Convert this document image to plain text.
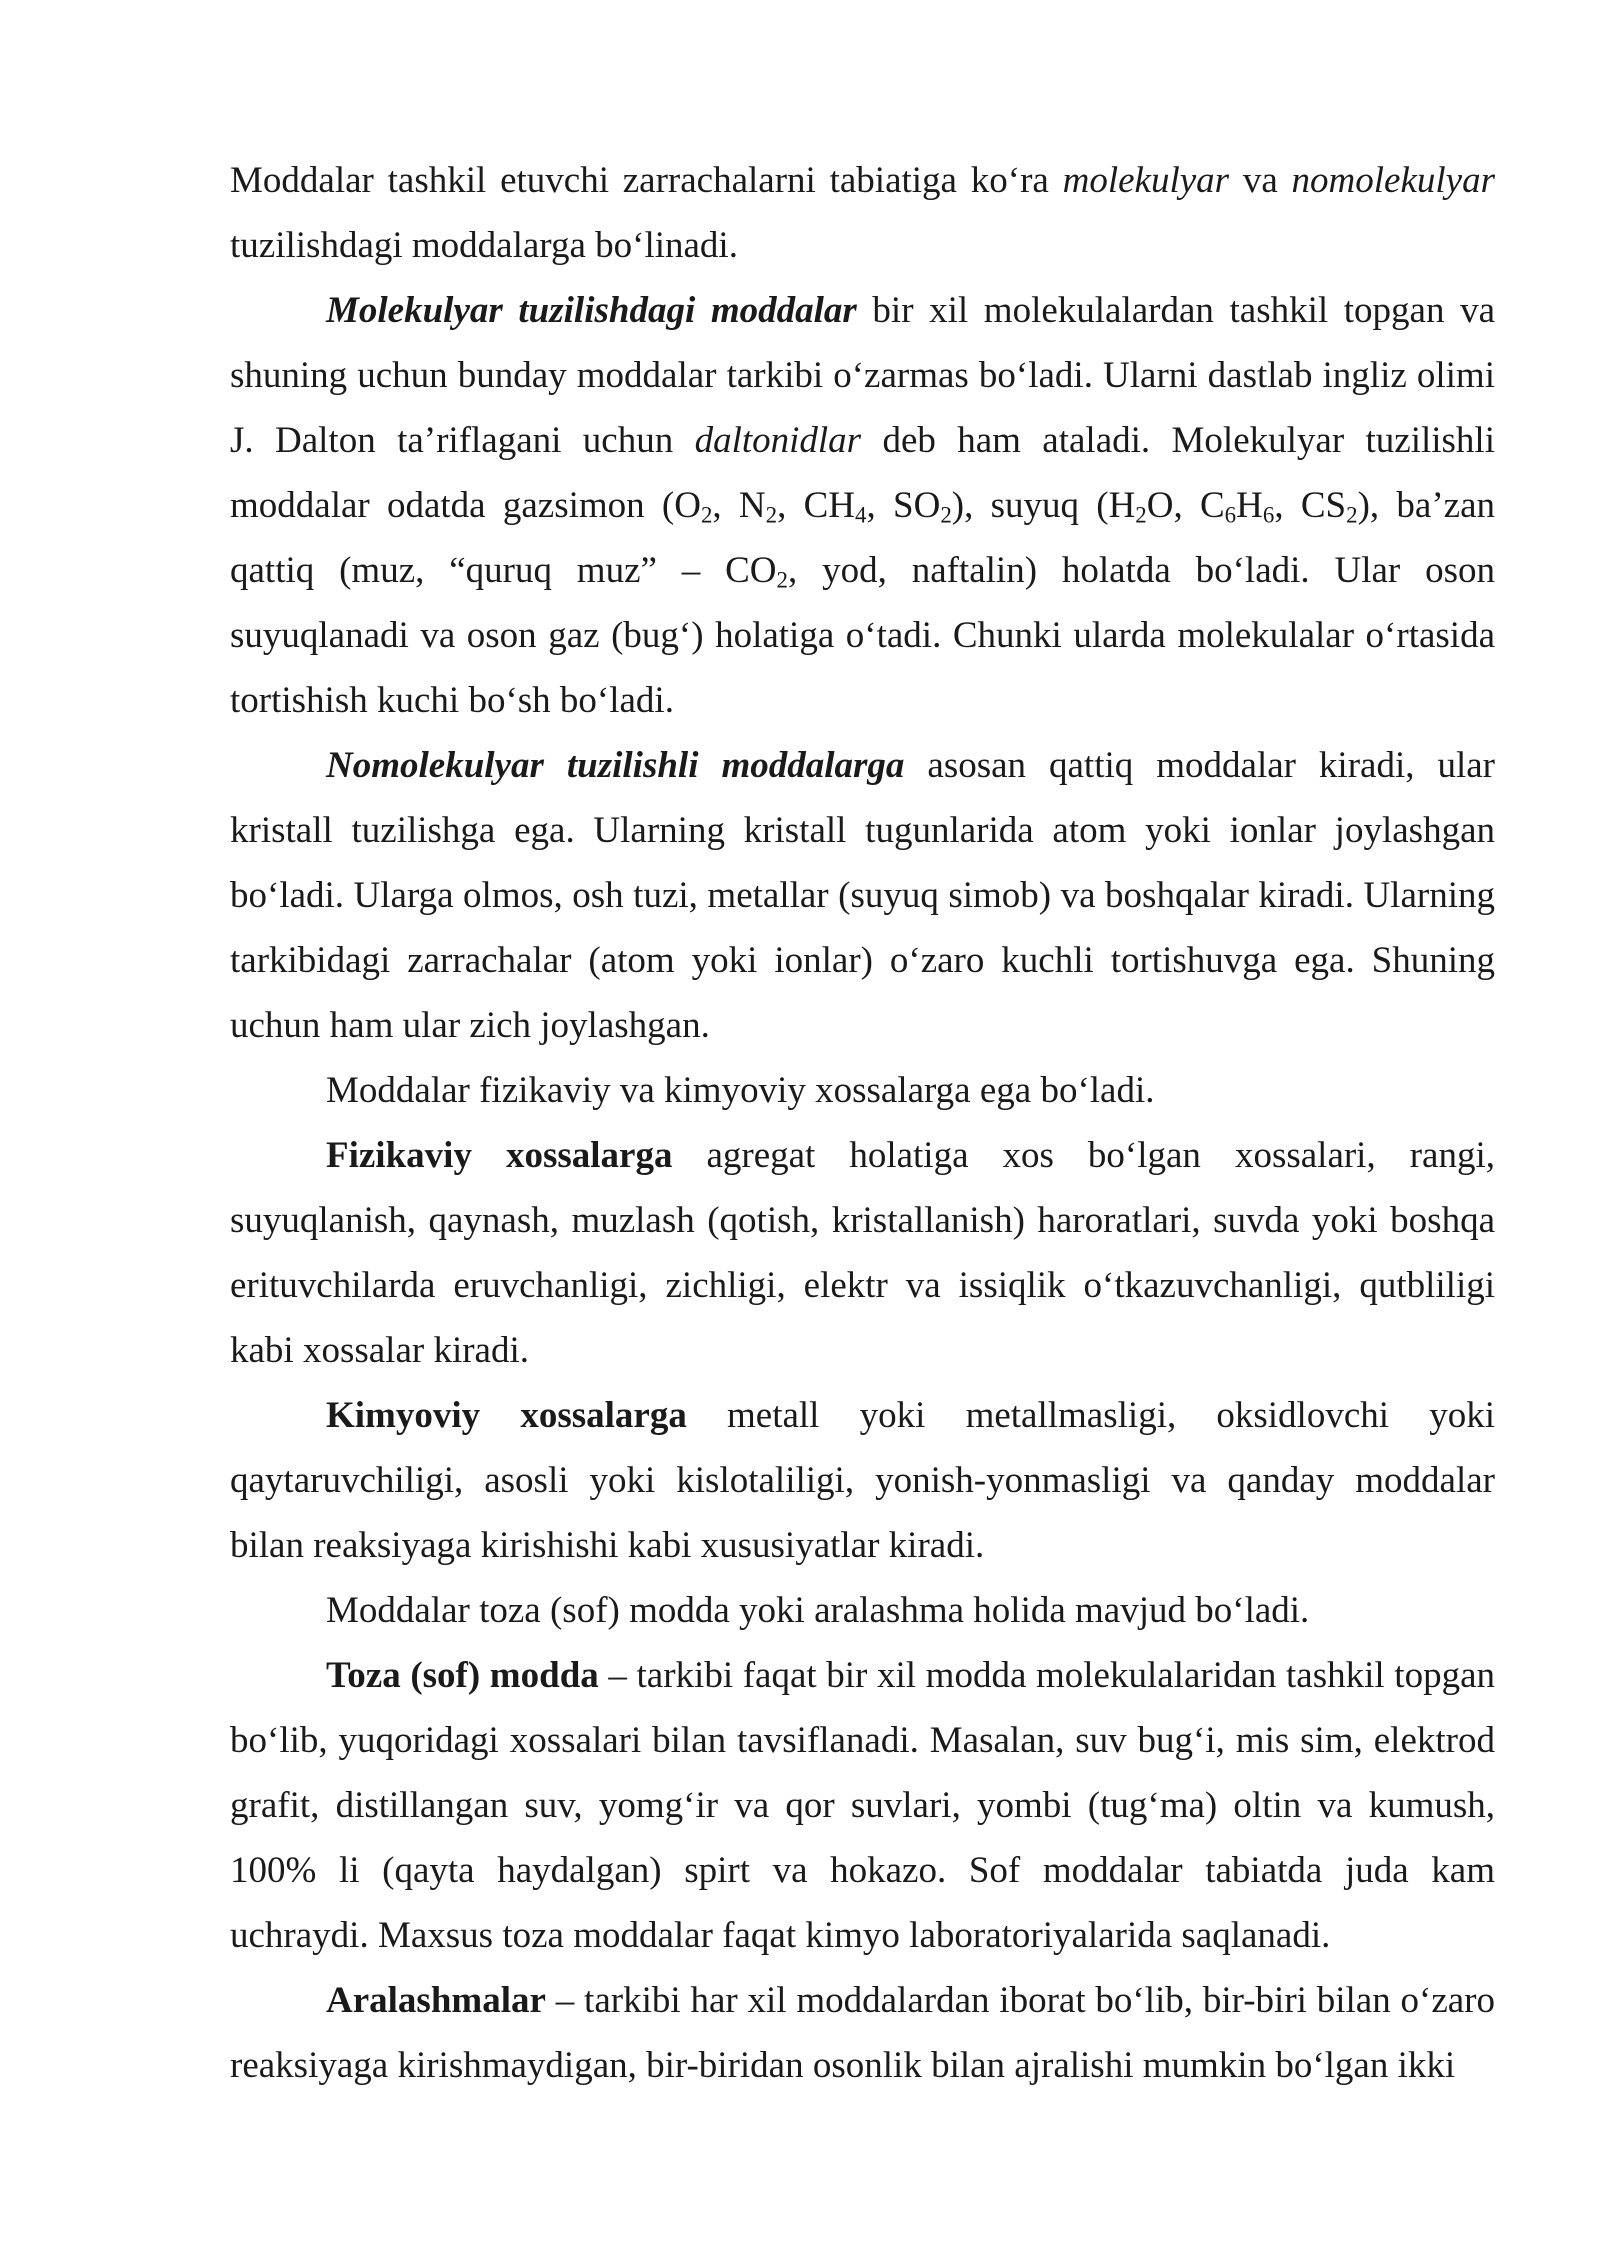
Moddalar tashkil etuvchi zarrachalarni tabiatiga ko‘ra molekulyar va nomolekulyar tuzilishdagi moddalarga bo‘linadi.

Molekulyar tuzilishdagi moddalar bir xil molekulalardan tashkil topgan va shuning uchun bunday moddalar tarkibi o‘zarmas bo‘ladi. Ularni dastlab ingliz olimi J. Dalton ta’riflagani uchun daltonidlar deb ham ataladi. Molekulyar tuzilishli moddalar odatda gazsimon ($O_2$, $N_2$, $CH_4$, $SO_2$), suyuq ($H_2O$, $C_6H_6$, $CS_2$), ba’zan qattiq (muz, “quruq muz” – $CO_2$, yod, naftalin) holatda bo‘ladi. Ular oson suyuqlanadi va oson gaz (bug‘) holatiga o‘tadi. Chunki ularda molekulalar o‘rtasida tortishish kuchi bo‘sh bo‘ladi.

Nomolekulyar tuzilishli moddalarga asosan qattiq moddalar kiradi, ular kristall tuzilishga ega. Ularning kristall tugunlarida atom yoki ionlar joylashgan bo‘ladi. Ularga olmos, osh tuzi, metallar (suyuq simob) va boshqalar kiradi. Ularning tarkibidagi zarrachalar (atom yoki ionlar) o‘zaro kuchli tortishuvga ega. Shuning uchun ham ular zich joylashgan.

Moddalar fizikaviy va kimyoviy xossalarga ega bo‘ladi.

Fizikaviy xossalarga agregat holatiga xos bo‘lgan xossalari, rangi, suyuqlanish, qaynash, muzlash (qotish, kristallanish) haroratlari, suvda yoki boshqa erituvchilarda eruvchanligi, zichligi, elektr va issiqlik o‘tkazuvchanligi, qutbliligi kabi xossalar kiradi.

Kimyoviy xossalarga metall yoki metallmasligi, oksidlovchi yoki qaytaruvchiligi, asosli yoki kislotaliligi, yonish-yonmasligi va qanday moddalar bilan reaksiyaga kirishishi kabi xususiyatlar kiradi.

Moddalar toza (sof) modda yoki aralashma holida mavjud bo‘ladi.

Toza (sof) modda – tarkibi faqat bir xil modda molekulalaridan tashkil topgan bo‘lib, yuqoridagi xossalari bilan tavsiflanadi. Masalan, suv bug‘i, mis sim, elektrod grafit, distillangan suv, yomg‘ir va qor suvlari, yombi (tug‘ma) oltin va kumush, 100% li (qayta haydalgan) spirt va hokazo. Sof moddalar tabiatda juda kam uchraydi. Maxsus toza moddalar faqat kimyo laboratoriyalarida saqlanadi.

Aralashmalar – tarkibi har xil moddalardan iborat bo‘lib, bir-biri bilan o‘zaro reaksiyaga kirishmaydigan, bir-biridan osonlik bilan ajralishi mumkin bo‘lgan ikki
